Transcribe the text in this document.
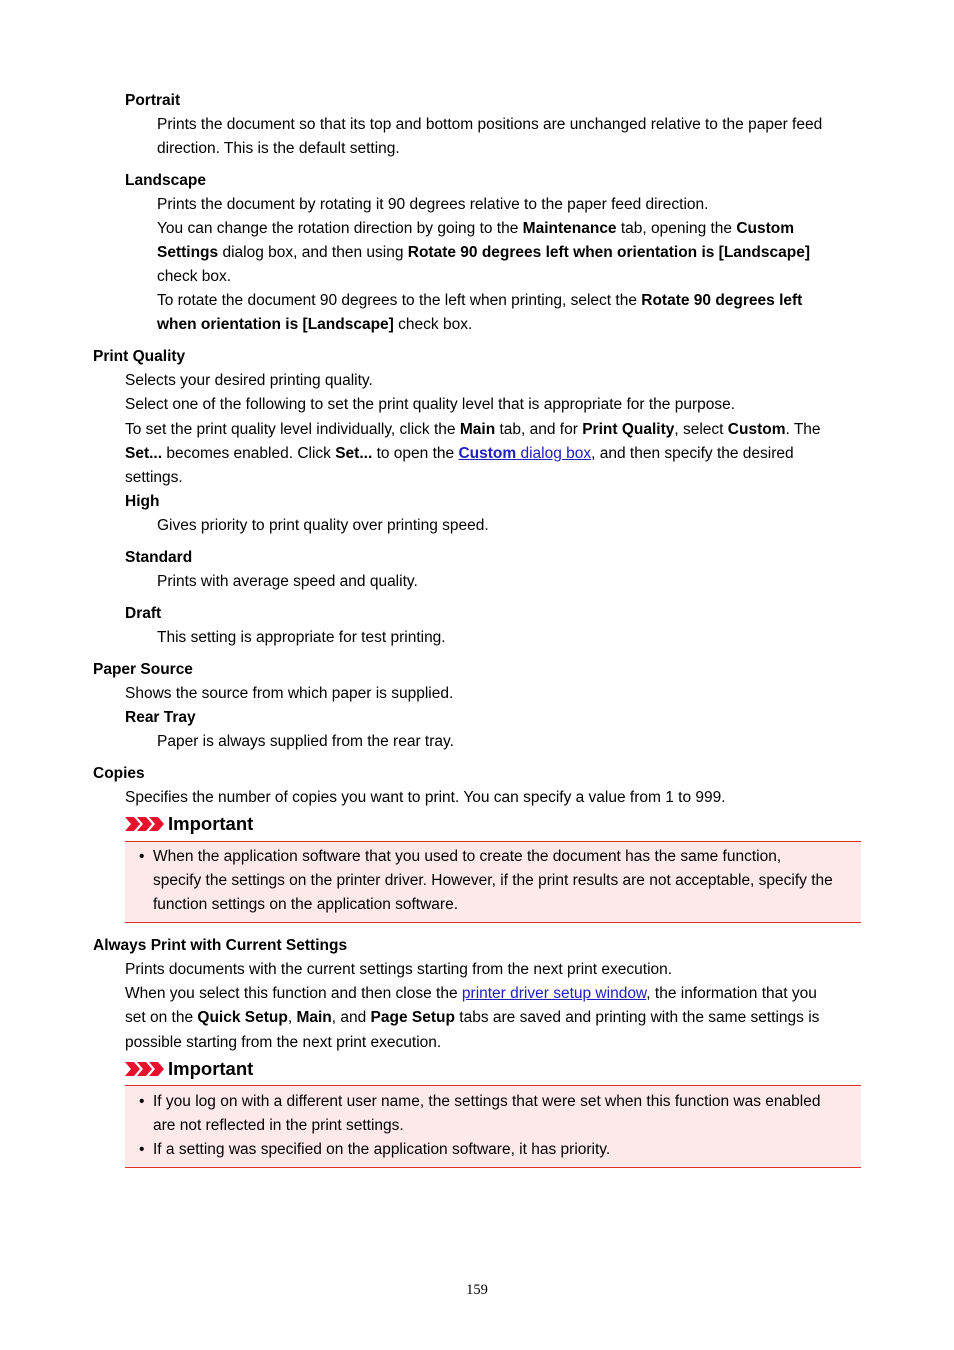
Portrait
Prints the document so that its top and bottom positions are unchanged relative to the paper feed
direction. This is the default setting.
Landscape
Prints the document by rotating it 90 degrees relative to the paper feed direction.
You can change the rotation direction by going to the Maintenance tab, opening the Custom
Settings dialog box, and then using Rotate 90 degrees left when orientation is [Landscape]
check box.
To rotate the document 90 degrees to the left when printing, select the Rotate 90 degrees left
when orientation is [Landscape] check box.
Print Quality
Selects your desired printing quality.
Select one of the following to set the print quality level that is appropriate for the purpose.
To set the print quality level individually, click the Main tab, and for Print Quality, select Custom. The
Set... becomes enabled. Click Set... to open the Custom dialog box, and then specify the desired
settings.
High
Gives priority to print quality over printing speed.
Standard
Prints with average speed and quality.
Draft
This setting is appropriate for test printing.
Paper Source
Shows the source from which paper is supplied.
Rear Tray
Paper is always supplied from the rear tray.
Copies
Specifies the number of copies you want to print. You can specify a value from 1 to 999.
Important
• When the application software that you used to create the document has the same function,
specify the settings on the printer driver. However, if the print results are not acceptable, specify the
function settings on the application software.
Always Print with Current Settings
Prints documents with the current settings starting from the next print execution.
When you select this function and then close the printer driver setup window, the information that you
set on the Quick Setup, Main, and Page Setup tabs are saved and printing with the same settings is
possible starting from the next print execution.
Important
• If you log on with a different user name, the settings that were set when this function was enabled
are not reflected in the print settings.
• If a setting was specified on the application software, it has priority.
159
